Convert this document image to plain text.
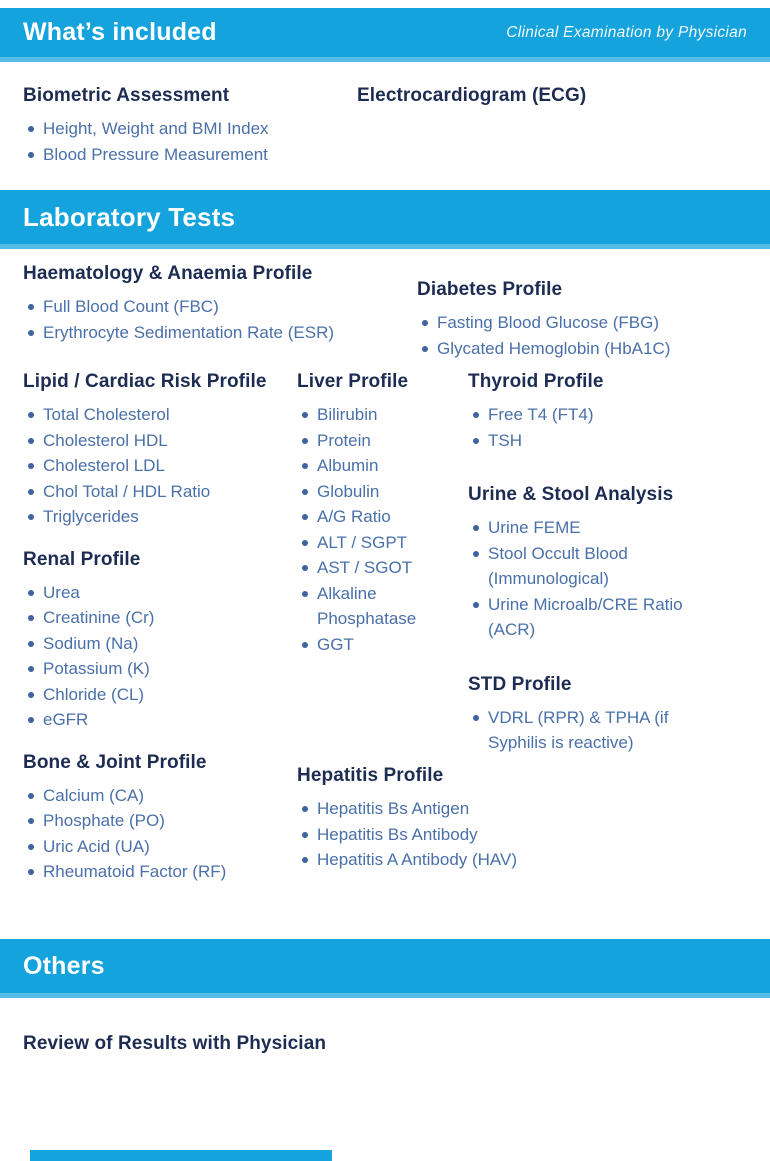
What’s included	Clinical Examination by Physician
Biometric Assessment
Height, Weight and BMI Index
Blood Pressure Measurement
Electrocardiogram (ECG)
Laboratory Tests
Haematology & Anaemia Profile
Full Blood Count (FBC)
Erythrocyte Sedimentation Rate (ESR)
Diabetes Profile
Fasting Blood Glucose (FBG)
Glycated Hemoglobin (HbA1C)
Lipid / Cardiac Risk Profile
Total Cholesterol
Cholesterol HDL
Cholesterol LDL
Chol Total / HDL Ratio
Triglycerides
Renal Profile
Urea
Creatinine (Cr)
Sodium (Na)
Potassium (K)
Chloride (CL)
eGFR
Bone & Joint Profile
Calcium (CA)
Phosphate (PO)
Uric Acid (UA)
Rheumatoid Factor (RF)
Liver Profile
Bilirubin
Protein
Albumin
Globulin
A/G Ratio
ALT / SGPT
AST / SGOT
Alkaline Phosphatase
GGT
Hepatitis Profile
Hepatitis Bs Antigen
Hepatitis Bs Antibody
Hepatitis A Antibody (HAV)
Thyroid Profile
Free T4 (FT4)
TSH
Urine & Stool Analysis
Urine FEME
Stool Occult Blood (Immunological)
Urine Microalb/CRE Ratio (ACR)
STD Profile
VDRL (RPR) & TPHA (if Syphilis is reactive)
Others
Review of Results with Physician
